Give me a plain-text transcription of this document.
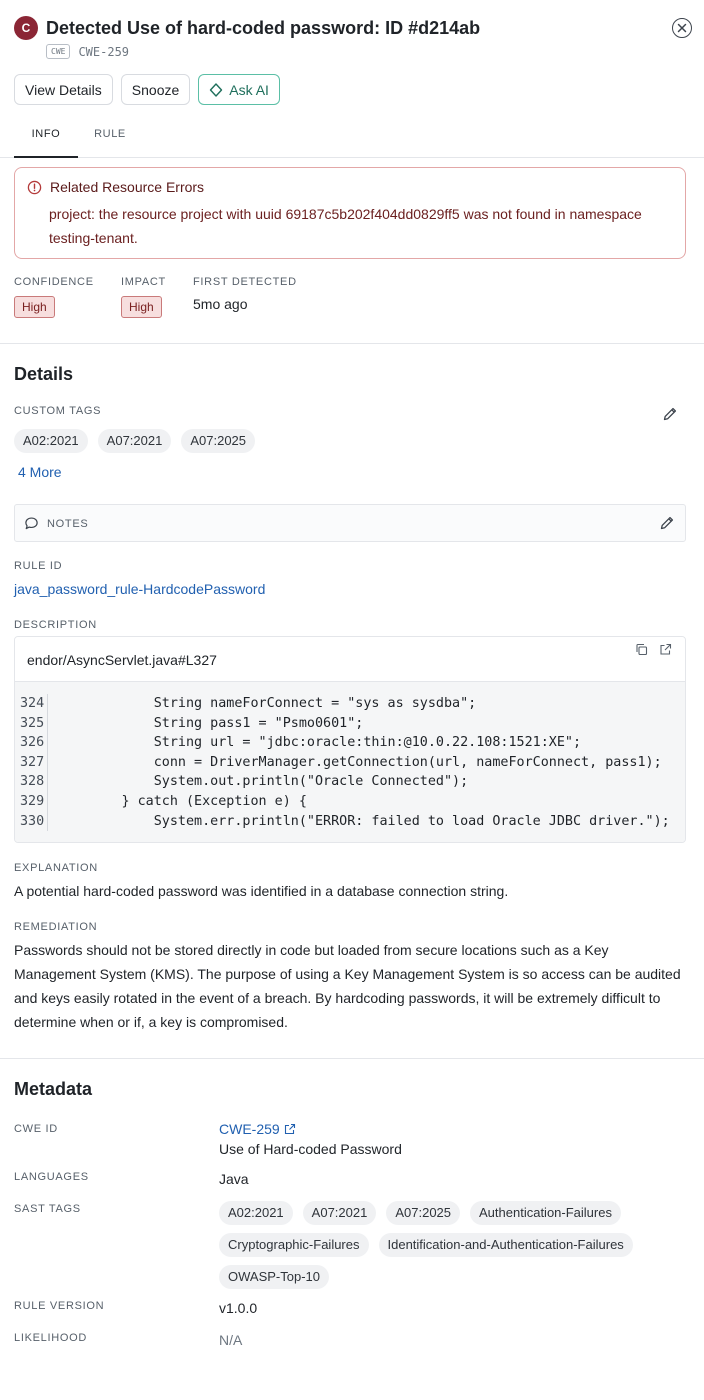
C Detected Use of hard-coded password: ID #d214ab
CWE	CWE-259
View Details	Snooze	Ask AI
INFO	RULE
Related Resource Errors
project: the resource project with uuid 69187c5b202f404dd0829ff5 was not found in namespace
testing-tenant.
CONFIDENCE
High
IMPACT
High
FIRST DETECTED
5mo ago
Details
CUSTOM TAGS
A02:2021	A07:2021	A07:2025
4 More
NOTES
RULE ID
java_password_rule-HardcodePassword
DESCRIPTION
endor/AsyncServlet.java#L327
324 String nameForConnect = "sys as sysdba";
325 String pass1 = "Psmo0601";
326 String url = "jdbc:oracle:thin:@10.0.22.108:1521:XE";
327 conn = DriverManager.getConnection(url, nameForConnect, pass1);
328 System.out.println("Oracle Connected");
329 } catch (Exception e) {
330 System.err.println("ERROR: failed to load Oracle JDBC driver.");
EXPLANATION
A potential hard-coded password was identified in a database connection string.
REMEDIATION
Passwords should not be stored directly in code but loaded from secure locations such as a Key Management System (KMS). The purpose of using a Key Management System is so access can be audited and keys easily rotated in the event of a breach. By hardcoding passwords, it will be extremely difficult to determine when or if, a key is compromised.
Metadata
CWE ID	CWE-259
Use of Hard-coded Password
LANGUAGES	Java
SAST TAGS	A02:2021	A07:2021	A07:2025	Authentication-Failures
Cryptographic-Failures	Identification-and-Authentication-Failures
OWASP-Top-10
RULE VERSION	v1.0.0
LIKELIHOOD	N/A
